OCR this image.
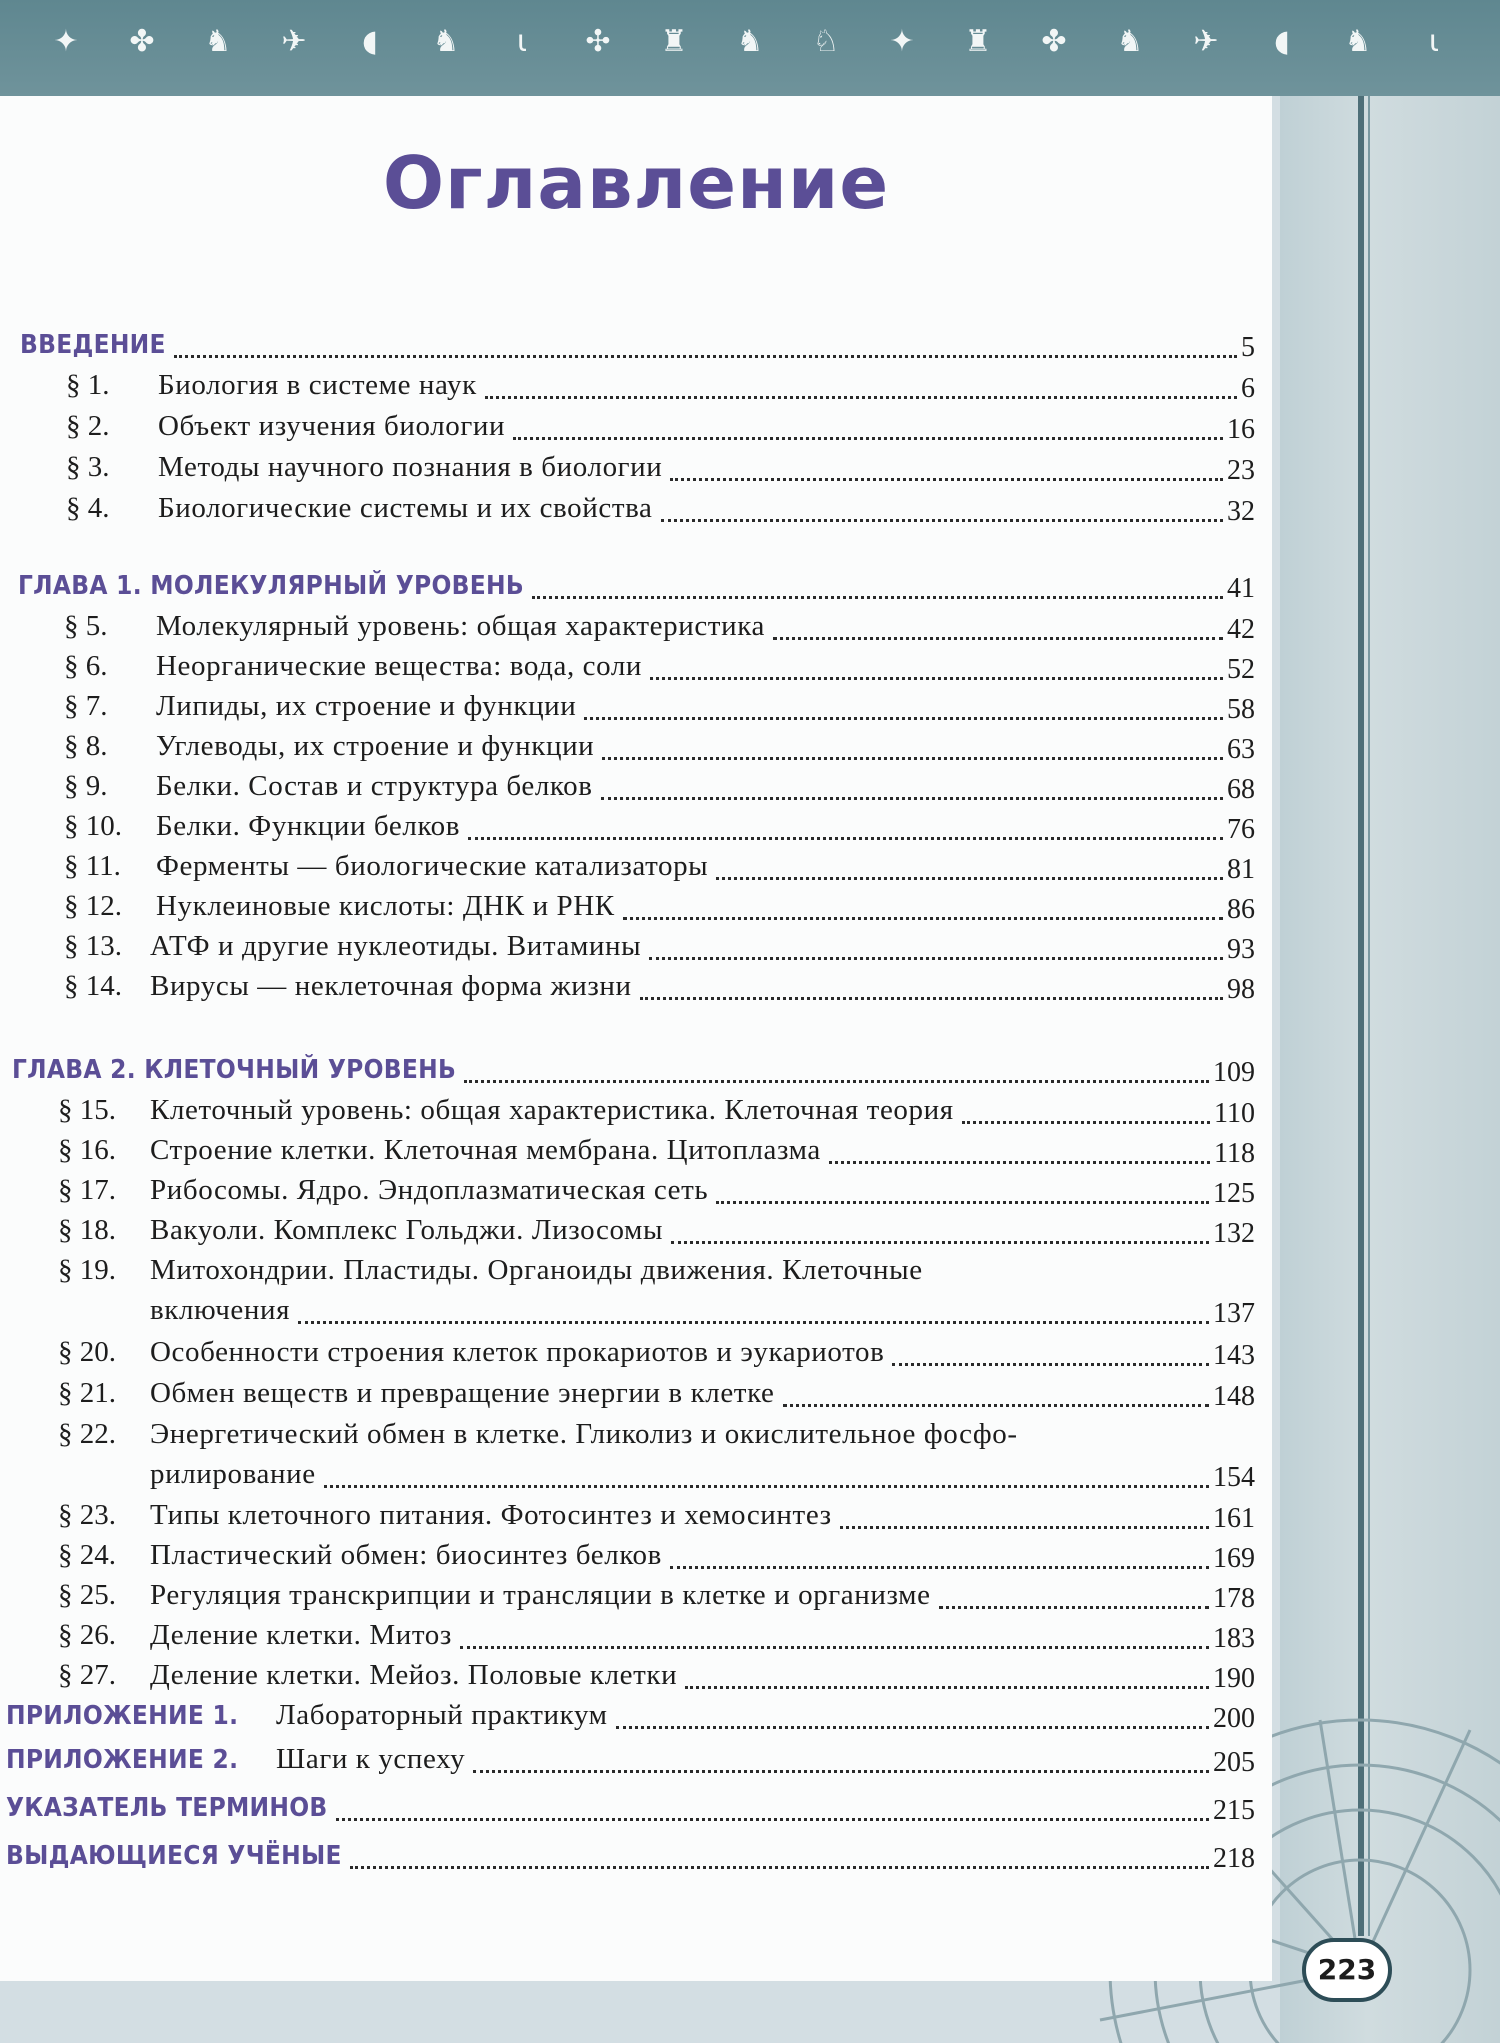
✦	✤	♞	✈	◖	♞	ɩ	✣	♜	♞	♘	✦	♜	✤	♞	✈	◖	♞	ɩ
Оглавление
ВВЕДЕНИЕ	5
§ 1. Биология в системе наук	6
§ 2. Объект изучения биологии	16
§ 3. Методы научного познания в биологии	23
§ 4. Биологические системы и их свойства	32
ГЛАВА 1. МОЛЕКУЛЯРНЫЙ УРОВЕНЬ	41
§ 5. Молекулярный уровень: общая характеристика	42
§ 6. Неорганические вещества: вода, соли	52
§ 7. Липиды, их строение и функции	58
§ 8. Углеводы, их строение и функции	63
§ 9. Белки. Состав и структура белков	68
§ 10. Белки. Функции белков	76
§ 11. Ферменты — биологические катализаторы	81
§ 12. Нуклеиновые кислоты: ДНК и РНК	86
§ 13. АТФ и другие нуклеотиды. Витамины	93
§ 14. Вирусы — неклеточная форма жизни	98
ГЛАВА 2. КЛЕТОЧНЫЙ УРОВЕНЬ	109
§ 15. Клеточный уровень: общая характеристика. Клеточная теория	110
§ 16. Строение клетки. Клеточная мембрана. Цитоплазма	118
§ 17. Рибосомы. Ядро. Эндоплазматическая сеть	125
§ 18. Вакуоли. Комплекс Гольджи. Лизосомы	132
§ 19. Митохондрии. Пластиды. Органоиды движения. Клеточные
включения	137
§ 20. Особенности строения клеток прокариотов и эукариотов	143
§ 21. Обмен веществ и превращение энергии в клетке	148
§ 22. Энергетический обмен в клетке. Гликолиз и окислительное фосфо-
рилирование	154
§ 23. Типы клеточного питания. Фотосинтез и хемосинтез	161
§ 24. Пластический обмен: биосинтез белков	169
§ 25. Регуляция транскрипции и трансляции в клетке и организме	178
§ 26. Деление клетки. Митоз	183
§ 27. Деление клетки. Мейоз. Половые клетки	190
ПРИЛОЖЕНИЕ 1. Лабораторный практикум	200
ПРИЛОЖЕНИЕ 2. Шаги к успеху	205
УКАЗАТЕЛЬ ТЕРМИНОВ	215
ВЫДАЮЩИЕСЯ УЧЁНЫЕ	218
223
